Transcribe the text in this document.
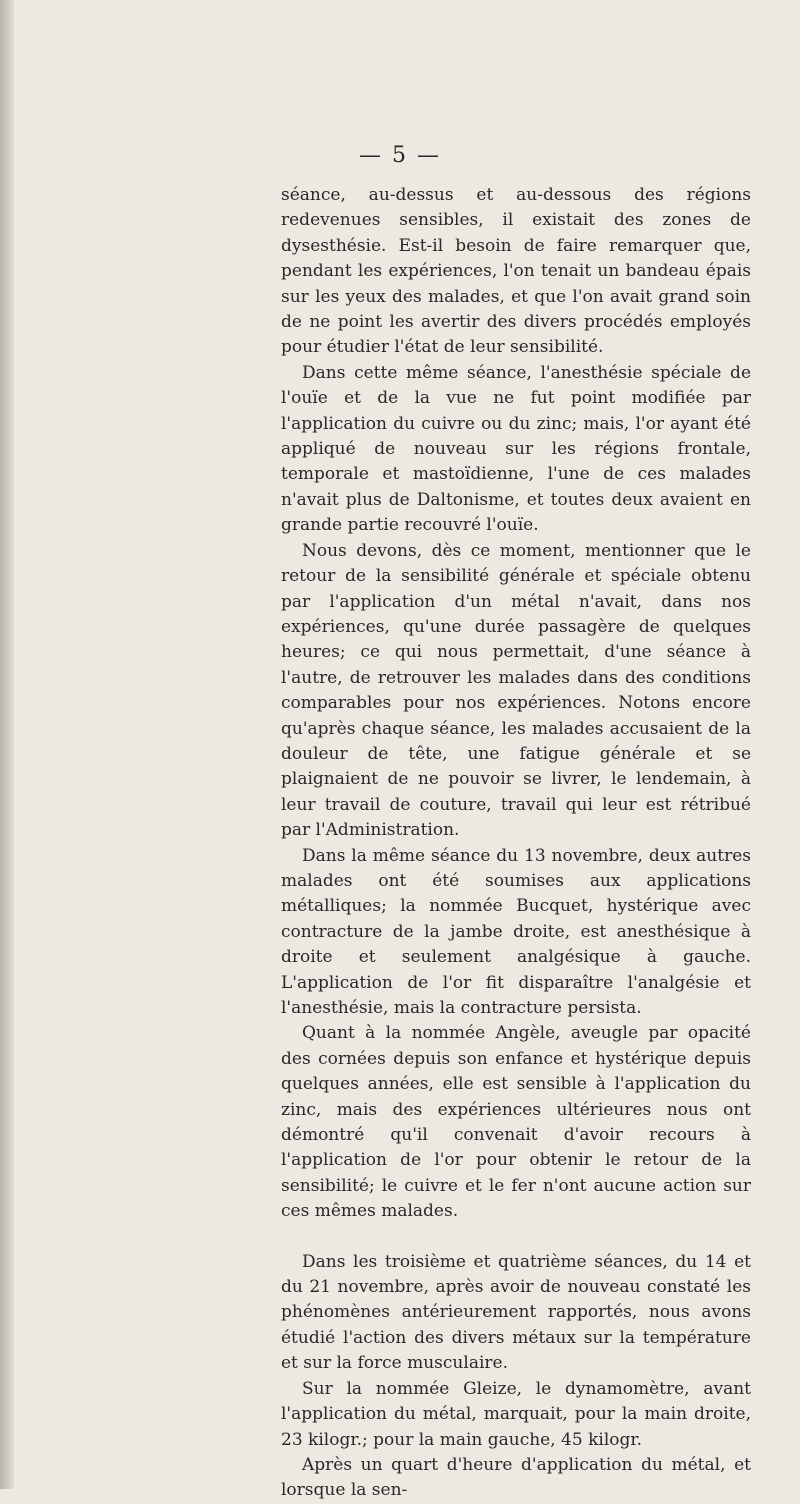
— 5 —

séance, au-dessus et au-dessous des régions redevenues sensibles, il existait des zones de dysesthésie. Est-il besoin de faire remarquer que, pendant les expériences, l'on tenait un bandeau épais sur les yeux des malades, et que l'on avait grand soin de ne point les avertir des divers procédés employés pour étudier l'état de leur sensibilité.

Dans cette même séance, l'anesthésie spéciale de l'ouïe et de la vue ne fut point modifiée par l'application du cuivre ou du zinc; mais, l'or ayant été appliqué de nouveau sur les régions frontale, temporale et mastoïdienne, l'une de ces malades n'avait plus de Daltonisme, et toutes deux avaient en grande partie recouvré l'ouïe.

Nous devons, dès ce moment, mentionner que le retour de la sensibilité générale et spéciale obtenu par l'application d'un métal n'avait, dans nos expériences, qu'une durée passagère de quelques heures; ce qui nous permettait, d'une séance à l'autre, de retrouver les malades dans des conditions comparables pour nos expériences. Notons encore qu'après chaque séance, les malades accusaient de la douleur de tête, une fatigue générale et se plaignaient de ne pouvoir se livrer, le lendemain, à leur travail de couture, travail qui leur est rétribué par l'Administration.

Dans la même séance du 13 novembre, deux autres malades ont été soumises aux applications métalliques; la nommée Bucquet, hystérique avec contracture de la jambe droite, est anesthésique à droite et seulement analgésique à gauche. L'application de l'or fit disparaître l'analgésie et l'anesthésie, mais la contracture persista.

Quant à la nommée Angèle, aveugle par opacité des cornées depuis son enfance et hystérique depuis quelques années, elle est sensible à l'application du zinc, mais des expériences ultérieures nous ont démontré qu'il convenait d'avoir recours à l'application de l'or pour obtenir le retour de la sensibilité; le cuivre et le fer n'ont aucune action sur ces mêmes malades.

Dans les troisième et quatrième séances, du 14 et du 21 novembre, après avoir de nouveau constaté les phénomènes antérieurement rapportés, nous avons étudié l'action des divers métaux sur la température et sur la force musculaire.

Sur la nommée Gleize, le dynamomètre, avant l'application du métal, marquait, pour la main droite, 23 kilogr.; pour la main gauche, 45 kilogr.

Après un quart d'heure d'application du métal, et lorsque la sen-
